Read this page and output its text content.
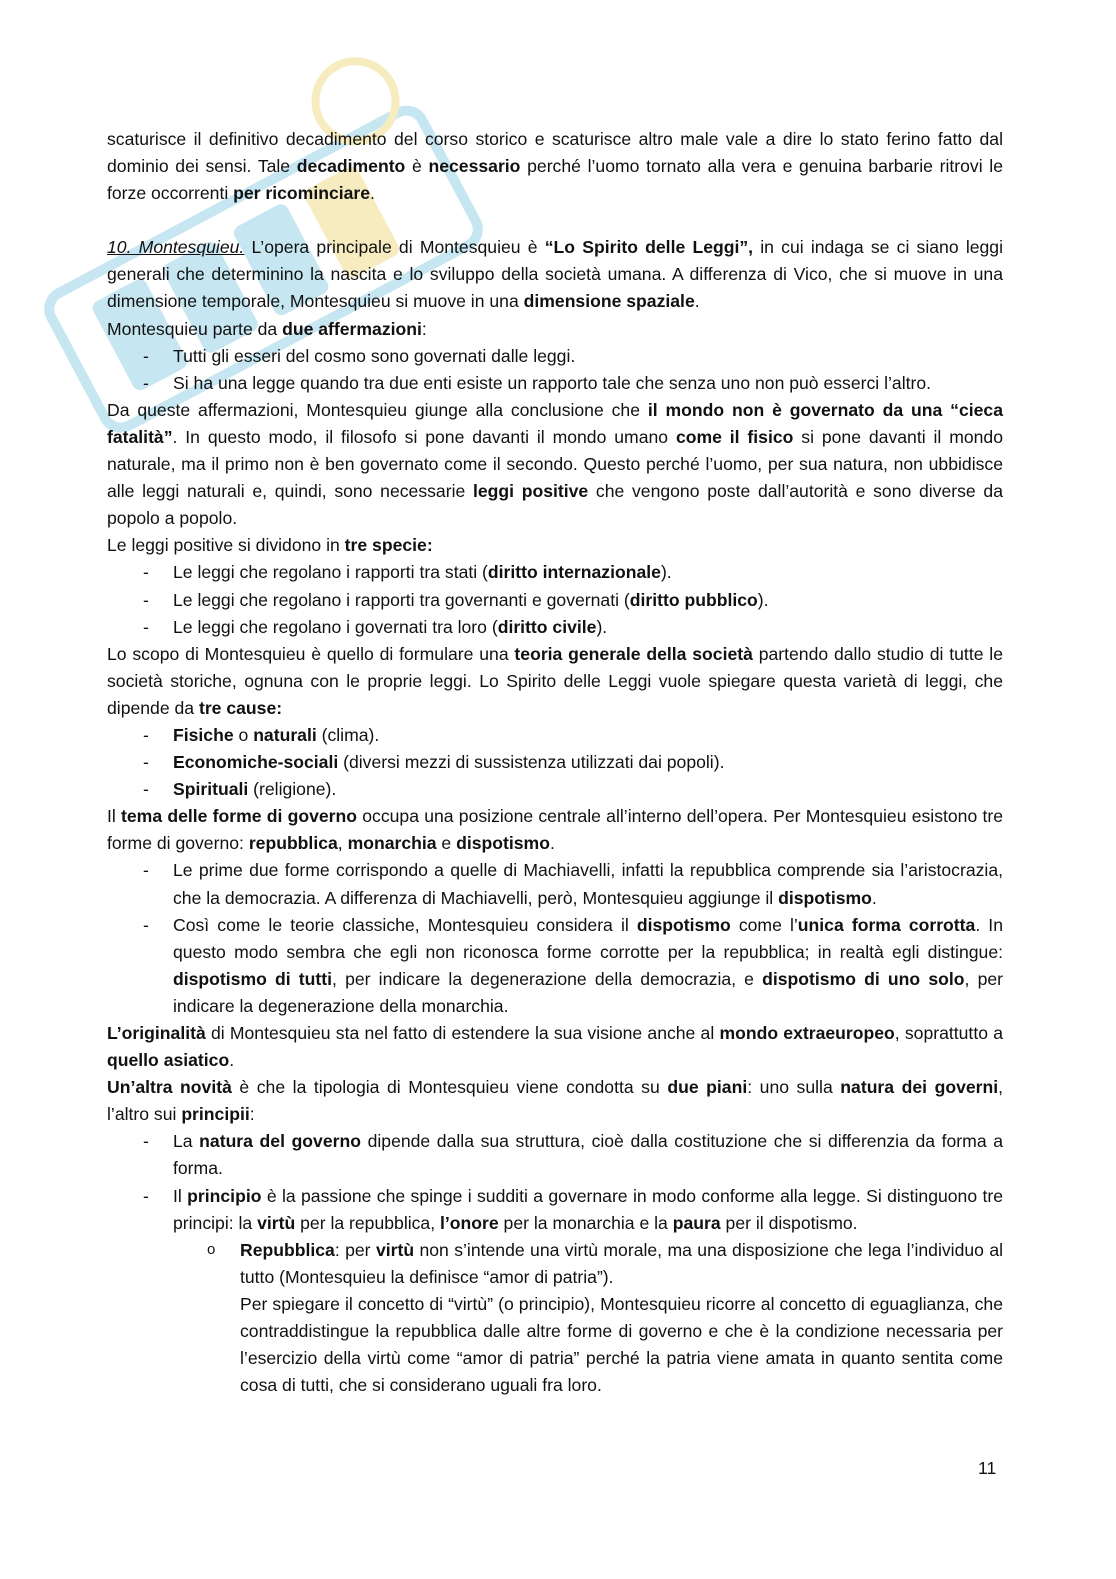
scaturisce il definitivo decadimento del corso storico e scaturisce altro male vale a dire lo stato ferino fatto dal dominio dei sensi. Tale decadimento è necessario perché l’uomo tornato alla vera e genuina barbarie ritrovi le forze occorrenti per ricominciare.

10. Montesquieu. L’opera principale di Montesquieu è “Lo Spirito delle Leggi”, in cui indaga se ci siano leggi generali che determinino la nascita e lo sviluppo della società umana. A differenza di Vico, che si muove in una dimensione temporale, Montesquieu si muove in una dimensione spaziale.

Montesquieu parte da due affermazioni:

- Tutti gli esseri del cosmo sono governati dalle leggi.
- Si ha una legge quando tra due enti esiste un rapporto tale che senza uno non può esserci l’altro.

Da queste affermazioni, Montesquieu giunge alla conclusione che il mondo non è governato da una “cieca fatalità”. In questo modo, il filosofo si pone davanti il mondo umano come il fisico si pone davanti il mondo naturale, ma il primo non è ben governato come il secondo. Questo perché l’uomo, per sua natura, non ubbidisce alle leggi naturali e, quindi, sono necessarie leggi positive che vengono poste dall’autorità e sono diverse da popolo a popolo.

Le leggi positive si dividono in tre specie:

- Le leggi che regolano i rapporti tra stati (diritto internazionale).
- Le leggi che regolano i rapporti tra governanti e governati (diritto pubblico).
- Le leggi che regolano i governati tra loro (diritto civile).

Lo scopo di Montesquieu è quello di formulare una teoria generale della società partendo dallo studio di tutte le società storiche, ognuna con le proprie leggi. Lo Spirito delle Leggi vuole spiegare questa varietà di leggi, che dipende da tre cause:

- Fisiche o naturali (clima).
- Economiche-sociali (diversi mezzi di sussistenza utilizzati dai popoli).
- Spirituali (religione).

Il tema delle forme di governo occupa una posizione centrale all’interno dell’opera. Per Montesquieu esistono tre forme di governo: repubblica, monarchia e dispotismo.

- Le prime due forme corrispondo a quelle di Machiavelli, infatti la repubblica comprende sia l’aristocrazia, che la democrazia. A differenza di Machiavelli, però, Montesquieu aggiunge il dispotismo.
- Così come le teorie classiche, Montesquieu considera il dispotismo come l’unica forma corrotta. In questo modo sembra che egli non riconosca forme corrotte per la repubblica; in realtà egli distingue: dispotismo di tutti, per indicare la degenerazione della democrazia, e dispotismo di uno solo, per indicare la degenerazione della monarchia.

L’originalità di Montesquieu sta nel fatto di estendere la sua visione anche al mondo extraeuropeo, soprattutto a quello asiatico.

Un’altra novità è che la tipologia di Montesquieu viene condotta su due piani: uno sulla natura dei governi, l’altro sui principii:

- La natura del governo dipende dalla sua struttura, cioè dalla costituzione che si differenzia da forma a forma.
- Il principio è la passione che spinge i sudditi a governare in modo conforme alla legge. Si distinguono tre principi: la virtù per la repubblica, l’onore per la monarchia e la paura per il dispotismo.
o Repubblica: per virtù non s’intende una virtù morale, ma una disposizione che lega l’individuo al tutto (Montesquieu la definisce “amor di patria”).
Per spiegare il concetto di “virtù” (o principio), Montesquieu ricorre al concetto di eguaglianza, che contraddistingue la repubblica dalle altre forme di governo e che è la condizione necessaria per l’esercizio della virtù come “amor di patria” perché la patria viene amata in quanto sentita come cosa di tutti, che si considerano uguali fra loro.
11
